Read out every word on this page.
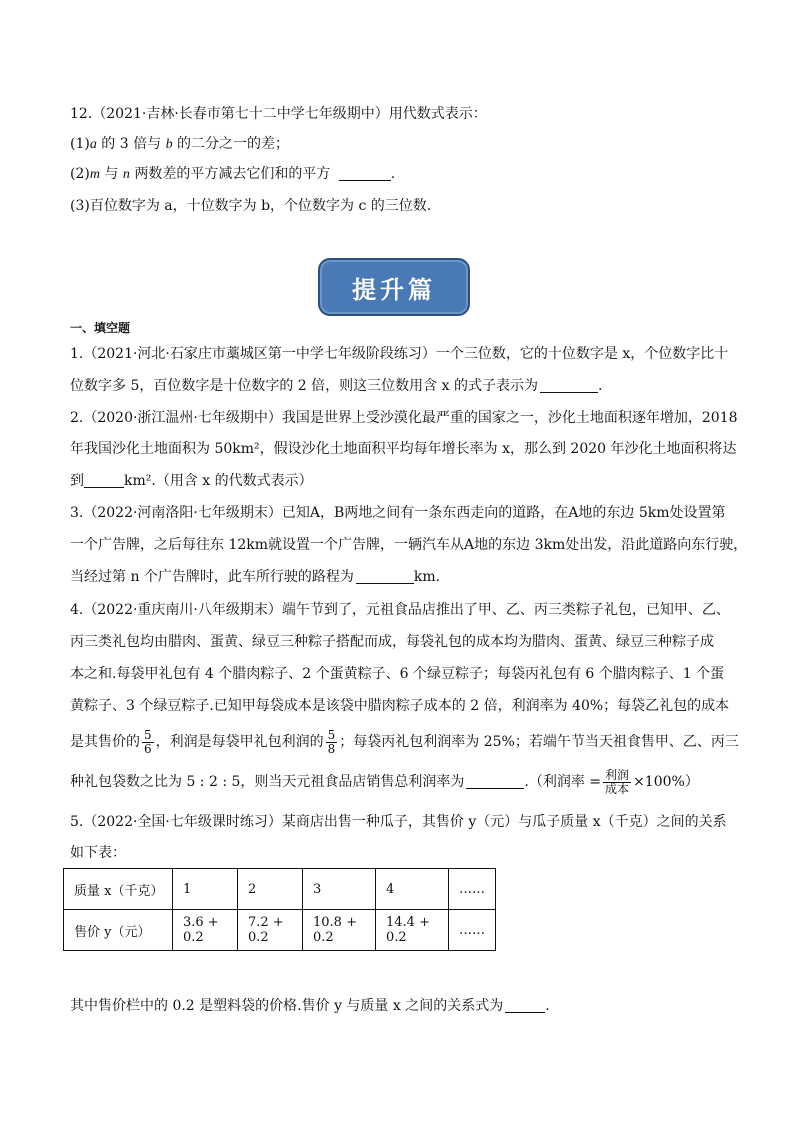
12.（2021·吉林·长春市第七十二中学七年级期中）用代数式表示：
(1)a 的 3 倍与 b 的二分之一的差；
(2)m 与 n 两数差的平方减去它们和的平方	.
(3)百位数字为 a，十位数字为 b，个位数字为 c 的三位数.
提升篇
一、填空题
1.（2021·河北·石家庄市藁城区第一中学七年级阶段练习）一个三位数，它的十位数字是 x，个位数字比十
位数字多 5，百位数字是十位数字的 2 倍，则这三位数用含 x 的式子表示为	.
2.（2020·浙江温州·七年级期中）我国是世界上受沙漠化最严重的国家之一，沙化土地面积逐年增加，2018
年我国沙化土地面积为 50km²，假设沙化土地面积平均每年增长率为 x，那么到 2020 年沙化土地面积将达
到	km².（用含 x 的代数式表示）
3.（2022·河南洛阳·七年级期末）已知A，B两地之间有一条东西走向的道路，在A地的东边 5km处设置第
一个广告牌，之后每往东 12km就设置一个广告牌，一辆汽车从A地的东边 3km处出发，沿此道路向东行驶，
当经过第 n 个广告牌时，此车所行驶的路程为	km.
4.（2022·重庆南川·八年级期末）端午节到了，元祖食品店推出了甲、乙、丙三类粽子礼包，已知甲、乙、
丙三类礼包均由腊肉、蛋黄、绿豆三种粽子搭配而成，每袋礼包的成本均为腊肉、蛋黄、绿豆三种粽子成
本之和.每袋甲礼包有 4 个腊肉粽子、2 个蛋黄粽子、6 个绿豆粽子；每袋丙礼包有 6 个腊肉粽子、1 个蛋
黄粽子、3 个绿豆粽子.已知甲每袋成本是该袋中腊肉粽子成本的 2 倍，利润率为 40%；每袋乙礼包的成本
是其售价的 $\frac{5}{6}$ ，利润是每袋甲礼包利润的 $\frac{5}{8}$ ；每袋丙礼包利润率为 25%；若端午节当天祖食售甲、乙、丙三
种礼包袋数之比为 5 : 2 : 5，则当天元祖食品店销售总利润率为	.（利润率 = $\frac{\text{利润}}{\text{成本}} \times 100\%$）
5.（2022·全国·七年级课时练习）某商店出售一种瓜子，其售价 y（元）与瓜子质量 x（千克）之间的关系
如下表：
质量 x（千克）	1	2	3	4	……
售价 y（元）	3.6 + 0.2	7.2 + 0.2	10.8 + 0.2	14.4 + 0.2	……
其中售价栏中的 0.2 是塑料袋的价格.售价 y 与质量 x 之间的关系式为	.
